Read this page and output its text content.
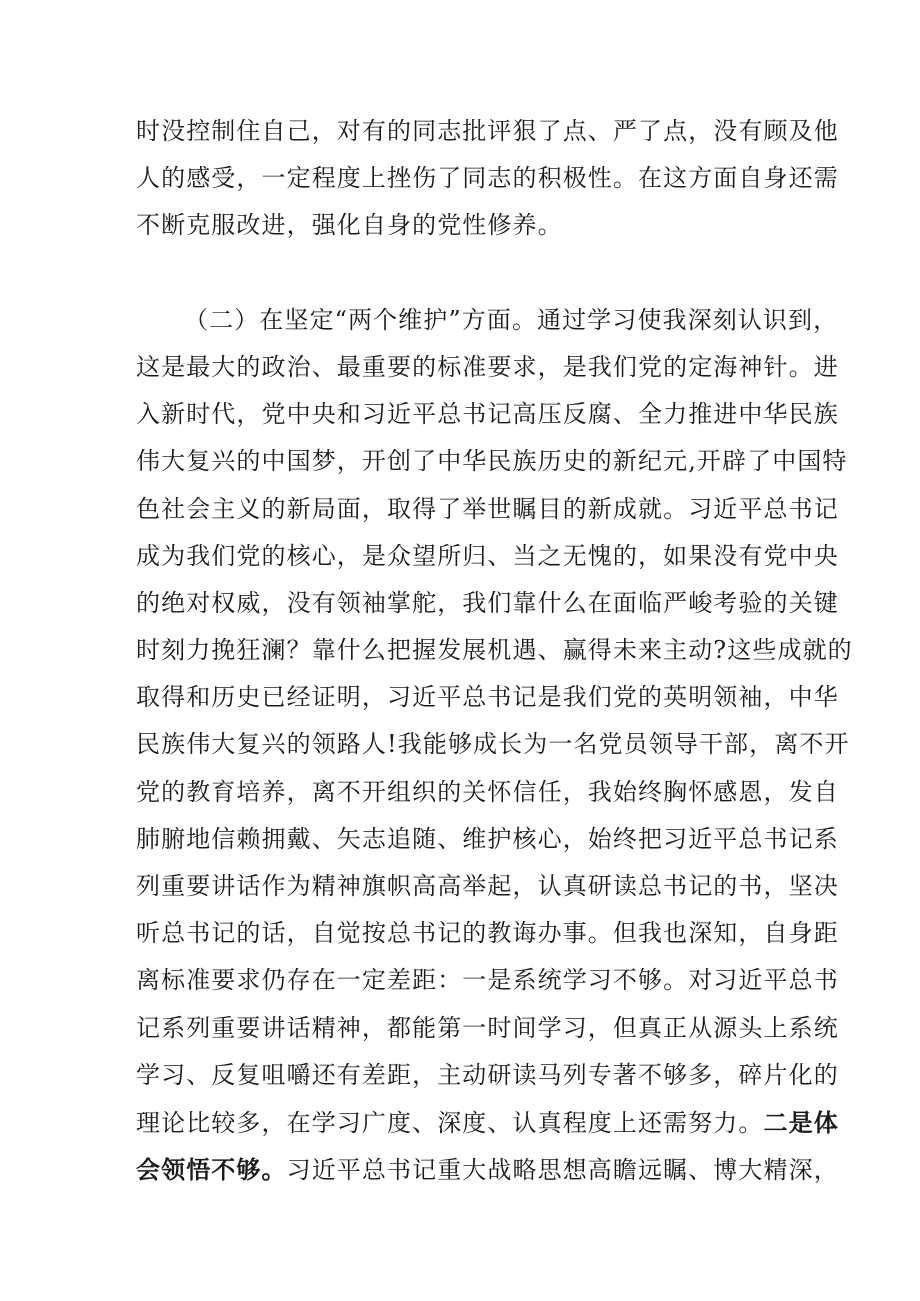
时没控制住自己，对有的同志批评狠了点、严了点，没有顾及他
人的感受，一定程度上挫伤了同志的积极性。在这方面自身还需
不断克服改进，强化自身的党性修养。
（二）在坚定“两个维护”方面。通过学习使我深刻认识到，
这是最大的政治、最重要的标准要求，是我们党的定海神针。进
入新时代，党中央和习近平总书记高压反腐、全力推进中华民族
伟大复兴的中国梦，开创了中华民族历史的新纪元,开辟了中国特
色社会主义的新局面，取得了举世瞩目的新成就。习近平总书记
成为我们党的核心，是众望所归、当之无愧的，如果没有党中央
的绝对权威，没有领袖掌舵，我们靠什么在面临严峻考验的关键
时刻力挽狂澜？靠什么把握发展机遇、赢得未来主动?这些成就的
取得和历史已经证明，习近平总书记是我们党的英明领袖，中华
民族伟大复兴的领路人!我能够成长为一名党员领导干部，离不开
党的教育培养，离不开组织的关怀信任，我始终胸怀感恩，发自
肺腑地信赖拥戴、矢志追随、维护核心，始终把习近平总书记系
列重要讲话作为精神旗帜高高举起，认真研读总书记的书，坚决
听总书记的话，自觉按总书记的教诲办事。但我也深知，自身距
离标准要求仍存在一定差距：一是系统学习不够。对习近平总书
记系列重要讲话精神，都能第一时间学习，但真正从源头上系统
学习、反复咀嚼还有差距，主动研读马列专著不够多，碎片化的
理论比较多，在学习广度、深度、认真程度上还需努力。二是体
会领悟不够。习近平总书记重大战略思想高瞻远瞩、博大精深，
